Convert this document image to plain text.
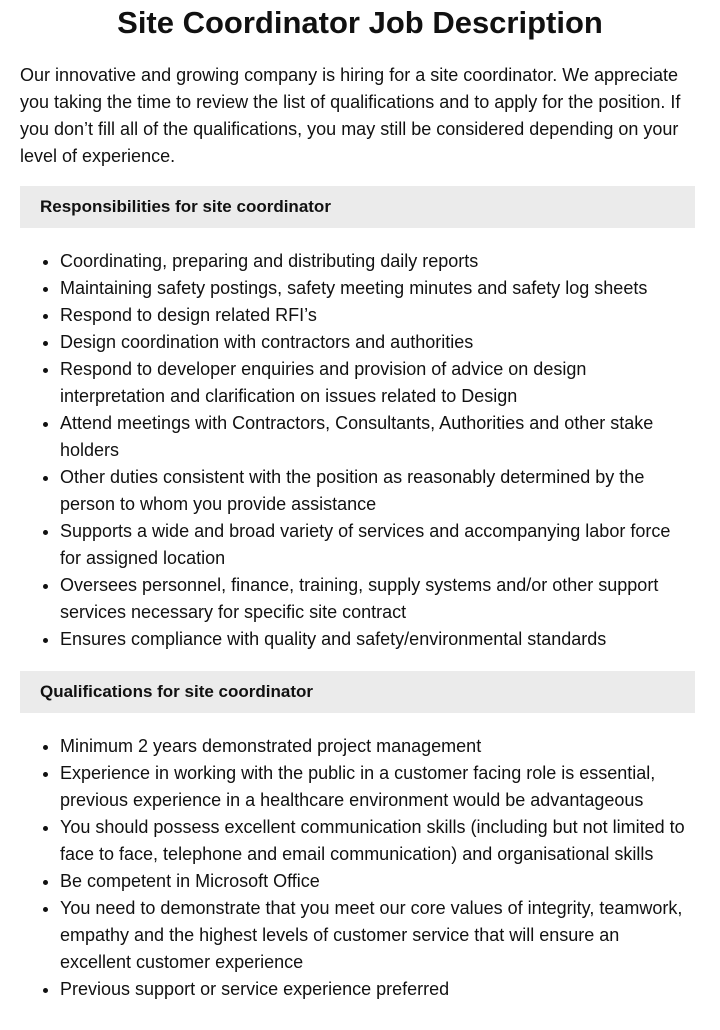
Site Coordinator Job Description

Our innovative and growing company is hiring for a site coordinator. We appreciate you taking the time to review the list of qualifications and to apply for the position. If you don’t fill all of the qualifications, you may still be considered depending on your level of experience.

Responsibilities for site coordinator
• Coordinating, preparing and distributing daily reports
• Maintaining safety postings, safety meeting minutes and safety log sheets
• Respond to design related RFI’s
• Design coordination with contractors and authorities
• Respond to developer enquiries and provision of advice on design interpretation and clarification on issues related to Design
• Attend meetings with Contractors, Consultants, Authorities and other stake holders
• Other duties consistent with the position as reasonably determined by the person to whom you provide assistance
• Supports a wide and broad variety of services and accompanying labor force for assigned location
• Oversees personnel, finance, training, supply systems and/or other support services necessary for specific site contract
• Ensures compliance with quality and safety/environmental standards
Qualifications for site coordinator
• Minimum 2 years demonstrated project management
• Experience in working with the public in a customer facing role is essential, previous experience in a healthcare environment would be advantageous
• You should possess excellent communication skills (including but not limited to face to face, telephone and email communication) and organisational skills
• Be competent in Microsoft Office
• You need to demonstrate that you meet our core values of integrity, teamwork, empathy and the highest levels of customer service that will ensure an excellent customer experience
• Previous support or service experience preferred
